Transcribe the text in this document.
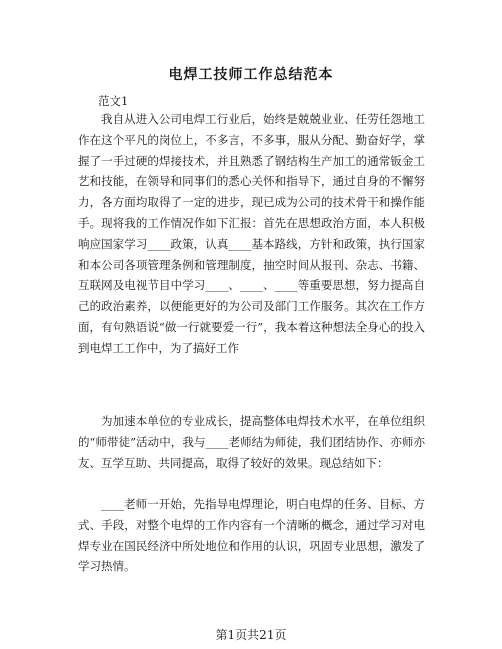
电焊工技师工作总结范本
范文1

我自从进入公司电焊工行业后，始终是兢兢业业、任劳任怨地工作在这个平凡的岗位上，不多言，不多事，服从分配、勤奋好学，掌握了一手过硬的焊接技术，并且熟悉了钢结构生产加工的通常钣金工艺和技能，在领导和同事们的悉心关怀和指导下，通过自身的不懈努力，各方面均取得了一定的进步，现已成为公司的技术骨干和操作能手。现将我的工作情况作如下汇报：首先在思想政治方面，本人积极响应国家学习____政策，认真____基本路线，方针和政策，执行国家和本公司各项管理条例和管理制度，抽空时间从报刊、杂志、书籍、互联网及电视节目中学习____、____、____等重要思想，努力提高自己的政治素养，以便能更好的为公司及部门工作服务。其次在工作方面，有句熟语说“做一行就要爱一行”，我本着这种想法全身心的投入到电焊工工作中，为了搞好工作

为加速本单位的专业成长，提高整体电焊技术水平，在单位组织的“师带徒”活动中，我与____老师结为师徒，我们团结协作、亦师亦友、互学互助、共同提高，取得了较好的效果。现总结如下：

____老师一开始，先指导电焊理论，明白电焊的任务、目标、方式、手段，对整个电焊的工作内容有一个清晰的概念，通过学习对电焊专业在国民经济中所处地位和作用的认识，巩固专业思想，激发了学习热情。

第1页共21页
